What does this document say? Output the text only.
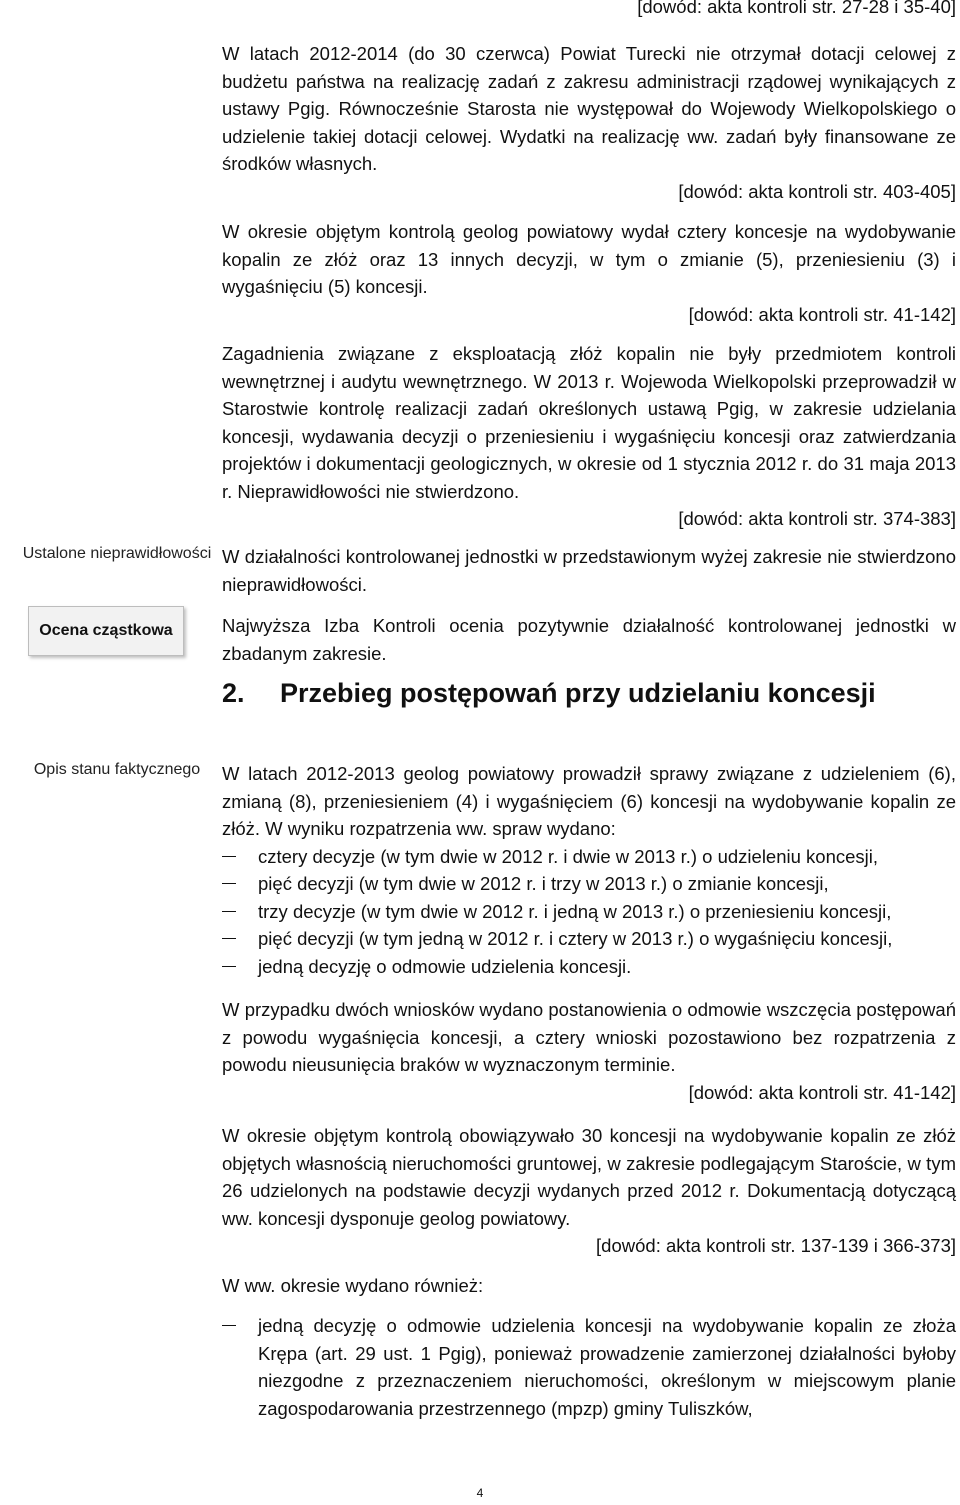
Ustalone nieprawidłowości
Ocena cząstkowa
Opis stanu faktycznego

[dowód: akta kontroli str. 27-28 i 35-40]

W latach 2012-2014 (do 30 czerwca) Powiat Turecki nie otrzymał dotacji celowej z budżetu państwa na realizację zadań z zakresu administracji rządowej wynikających z ustawy Pgig. Równocześnie Starosta nie występował do Wojewody Wielkopolskiego o udzielenie takiej dotacji celowej. Wydatki na realizację ww. zadań były finansowane ze środków własnych.

[dowód: akta kontroli str. 403-405]

W okresie objętym kontrolą geolog powiatowy wydał cztery koncesje na wydobywanie kopalin ze złóż oraz 13 innych decyzji, w tym o zmianie (5), przeniesieniu (3) i wygaśnięciu (5) koncesji.

[dowód: akta kontroli str. 41-142]

Zagadnienia związane z eksploatacją złóż kopalin nie były przedmiotem kontroli wewnętrznej i audytu wewnętrznego. W 2013 r. Wojewoda Wielkopolski przeprowadził w Starostwie kontrolę realizacji zadań określonych ustawą Pgig, w zakresie udzielania koncesji, wydawania decyzji o przeniesieniu i wygaśnięciu koncesji oraz zatwierdzania projektów i dokumentacji geologicznych, w okresie od 1 stycznia 2012 r. do 31 maja 2013 r. Nieprawidłowości nie stwierdzono.

[dowód: akta kontroli str. 374-383]

W działalności kontrolowanej jednostki w przedstawionym wyżej zakresie nie stwierdzono nieprawidłowości.

Najwyższa Izba Kontroli ocenia pozytywnie działalność kontrolowanej jednostki w zbadanym zakresie.

2. Przebieg postępowań przy udzielaniu koncesji

W latach 2012-2013 geolog powiatowy prowadził sprawy związane z udzieleniem (6), zmianą (8), przeniesieniem (4) i wygaśnięciem (6) koncesji na wydobywanie kopalin ze złóż. W wyniku rozpatrzenia ww. spraw wydano:

cztery decyzje (w tym dwie w 2012 r. i dwie w 2013 r.) o udzieleniu koncesji,
pięć decyzji (w tym dwie w 2012 r. i trzy w 2013 r.) o zmianie koncesji,
trzy decyzje (w tym dwie w 2012 r. i jedną w 2013 r.) o przeniesieniu koncesji,
pięć decyzji (w tym jedną w 2012 r. i cztery w 2013 r.) o wygaśnięciu koncesji,
jedną decyzję o odmowie udzielenia koncesji.

W przypadku dwóch wniosków wydano postanowienia o odmowie wszczęcia postępowań z powodu wygaśnięcia koncesji, a cztery wnioski pozostawiono bez rozpatrzenia z powodu nieusunięcia braków w wyznaczonym terminie.

[dowód: akta kontroli str. 41-142]

W okresie objętym kontrolą obowiązywało 30 koncesji na wydobywanie kopalin ze złóż objętych własnością nieruchomości gruntowej, w zakresie podlegającym Staroście, w tym 26 udzielonych na podstawie decyzji wydanych przed 2012 r. Dokumentacją dotyczącą ww. koncesji dysponuje geolog powiatowy.

[dowód: akta kontroli str. 137-139 i 366-373]

W ww. okresie wydano również:

jedną decyzję o odmowie udzielenia koncesji na wydobywanie kopalin ze złoża Krępa (art. 29 ust. 1 Pgig), ponieważ prowadzenie zamierzonej działalności byłoby niezgodne z przeznaczeniem nieruchomości, określonym w miejscowym planie zagospodarowania przestrzennego (mpzp) gminy Tuliszków,
4
